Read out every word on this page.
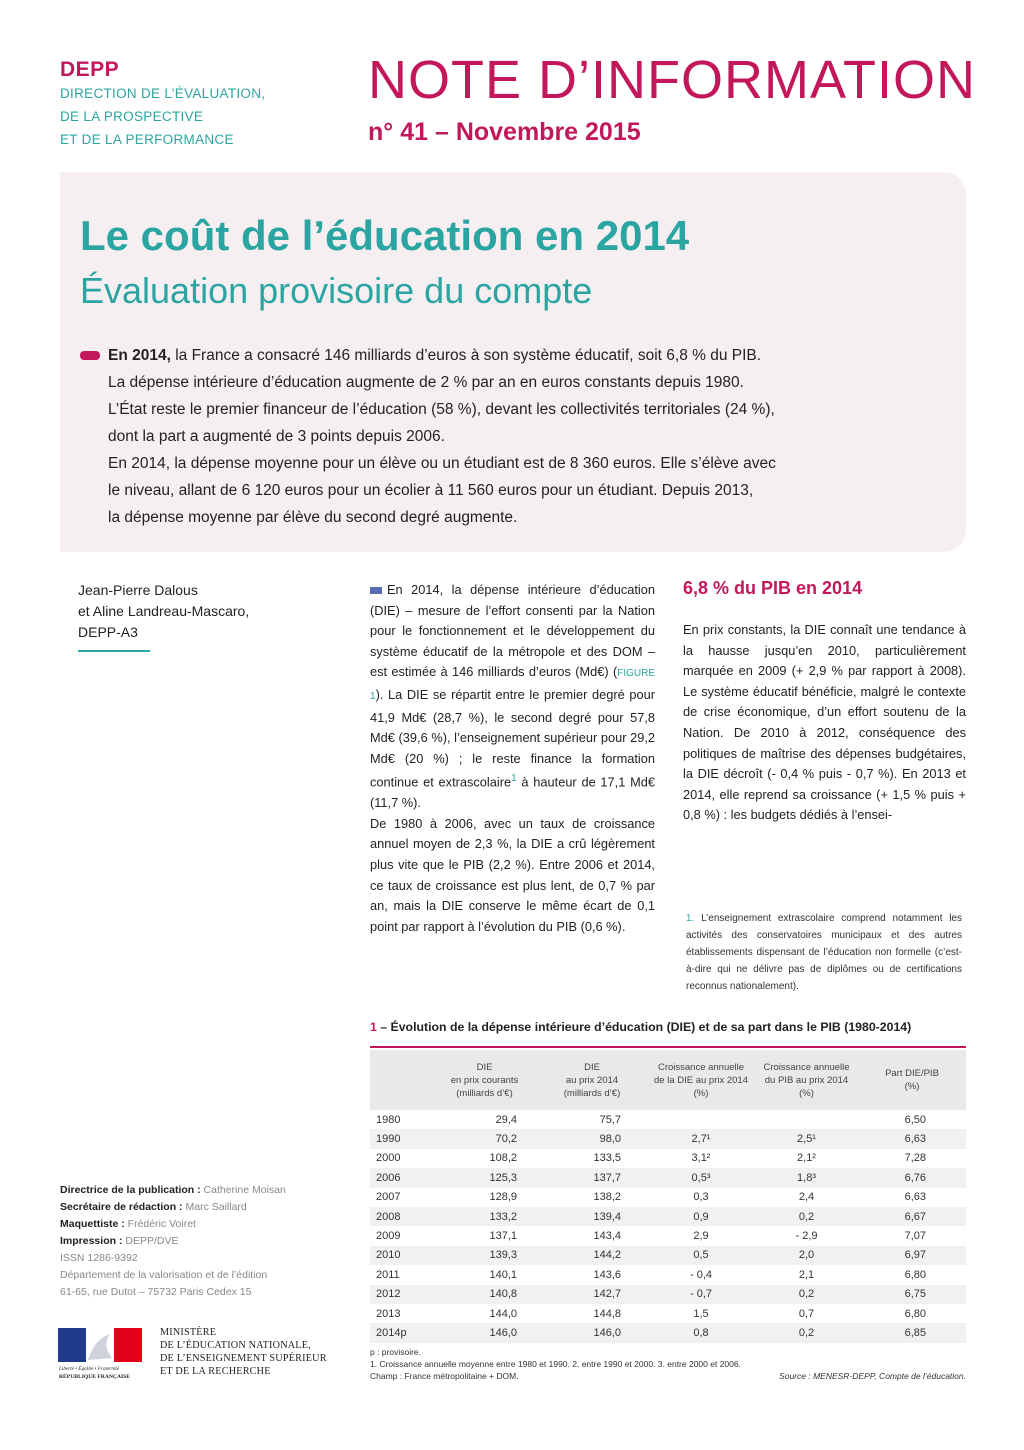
DEPP
DIRECTION DE L’ÉVALUATION,
DE LA PROSPECTIVE
ET DE LA PERFORMANCE
NOTE D’INFORMATION
n° 41 – Novembre 2015
Le coût de l’éducation en 2014
Évaluation provisoire du compte

En 2014, la France a consacré 146 milliards d’euros à son système éducatif, soit 6,8 % du PIB.

La dépense intérieure d’éducation augmente de 2 % par an en euros constants depuis 1980.

L’État reste le premier financeur de l’éducation (58 %), devant les collectivités territoriales (24 %),

dont la part a augmenté de 3 points depuis 2006.

En 2014, la dépense moyenne pour un élève ou un étudiant est de 8 360 euros. Elle s’élève avec

le niveau, allant de 6 120 euros pour un écolier à 11 560 euros pour un étudiant. Depuis 2013,

la dépense moyenne par élève du second degré augmente.

Jean-Pierre Dalous
et Aline Landreau-Mascaro,
DEPP-A3

En 2014, la dépense intérieure d’éducation (DIE) – mesure de l’effort consenti par la Nation pour le fonctionnement et le développement du système éducatif de la métropole et des DOM – est estimée à 146 milliards d’euros (Md€) (FIGURE 1). La DIE se répartit entre le premier degré pour 41,9 Md€ (28,7 %), le second degré pour 57,8 Md€ (39,6 %), l’enseignement supérieur pour 29,2 Md€ (20 %) ; le reste finance la formation continue et extrascolaire$^1$ à hauteur de 17,1 Md€ (11,7 %).

De 1980 à 2006, avec un taux de croissance annuel moyen de 2,3 %, la DIE a crû légèrement plus vite que le PIB (2,2 %). Entre 2006 et 2014, ce taux de croissance est plus lent, de 0,7 % par an, mais la DIE conserve le même écart de 0,1 point par rapport à l’évolution du PIB (0,6 %).

6,8 % du PIB en 2014

En prix constants, la DIE connaît une tendance à la hausse jusqu’en 2010, particulièrement marquée en 2009 (+ 2,9 % par rapport à 2008). Le système éducatif bénéficie, malgré le contexte de crise économique, d’un effort soutenu de la Nation. De 2010 à 2012, conséquence des politiques de maîtrise des dépenses budgétaires, la DIE décroît (- 0,4 % puis - 0,7 %). En 2013 et 2014, elle reprend sa croissance (+ 1,5 % puis + 0,8 %) : les budgets dédiés à l’ensei-

1. L’enseignement extrascolaire comprend notamment les activités des conservatoires municipaux et des autres établissements dispensant de l’éducation non formelle (c’est-à-dire qui ne délivre pas de diplômes ou de certifications reconnus nationalement).
1 – Évolution de la dépense intérieure d’éducation (DIE) et de sa part dans le PIB (1980-2014)
	DIE
en prix courants
(milliards d’€)	DIE
au prix 2014
(milliards d’€)	Croissance annuelle
de la DIE au prix 2014
(%)	Croissance annuelle
du PIB au prix 2014
(%)	Part DIE/PIB
(%)
1980	29,4	75,7			6,50
1990	70,2	98,0	2,7¹	2,5¹	6,63
2000	108,2	133,5	3,1²	2,1²	7,28
2006	125,3	137,7	0,5³	1,8³	6,76
2007	128,9	138,2	0,3	2,4	6,63
2008	133,2	139,4	0,9	0,2	6,67
2009	137,1	143,4	2,9	- 2,9	7,07
2010	139,3	144,2	0,5	2,0	6,97
2011	140,1	143,6	- 0,4	2,1	6,80
2012	140,8	142,7	- 0,7	0,2	6,75
2013	144,0	144,8	1,5	0,7	6,80
2014p	146,0	146,0	0,8	0,2	6,85
p : provisoire.
1. Croissance annuelle moyenne entre 1980 et 1990. 2. entre 1990 et 2000. 3. entre 2000 et 2006.
Champ : France métropolitaine + DOM.	Source : MENESR-DEPP, Compte de l’éducation.
Directrice de la publication : Catherine Moisan
Secrétaire de rédaction : Marc Saillard
Maquettiste : Frédéric Voiret
Impression : DEPP/DVE
ISSN 1286-9392
Département de la valorisation et de l’édition
61-65, rue Dutot – 75732 Paris Cedex 15
Liberté • Égalité • Fraternité
RÉPUBLIQUE FRANÇAISE
MINISTÈRE
DE L’ÉDUCATION NATIONALE,
DE L’ENSEIGNEMENT SUPÉRIEUR
ET DE LA RECHERCHE
